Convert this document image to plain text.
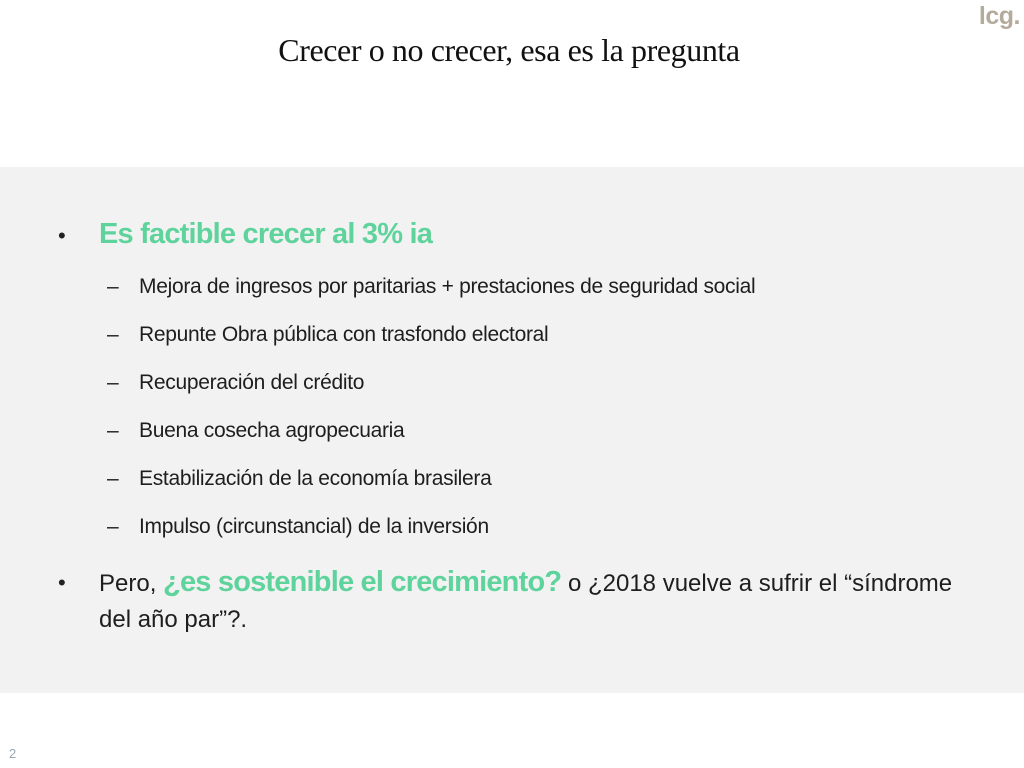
lcg.
Crecer o no crecer, esa es la pregunta
•	Es factible crecer al 3% ia
– Mejora de ingresos por paritarias + prestaciones de seguridad social
– Repunte Obra pública con trasfondo electoral
– Recuperación del crédito
– Buena cosecha agropecuaria
– Estabilización de la economía brasilera
– Impulso (circunstancial) de la inversión
•	Pero, ¿es sostenible el crecimiento? o ¿2018 vuelve a sufrir el “síndrome del año par”?.
2
